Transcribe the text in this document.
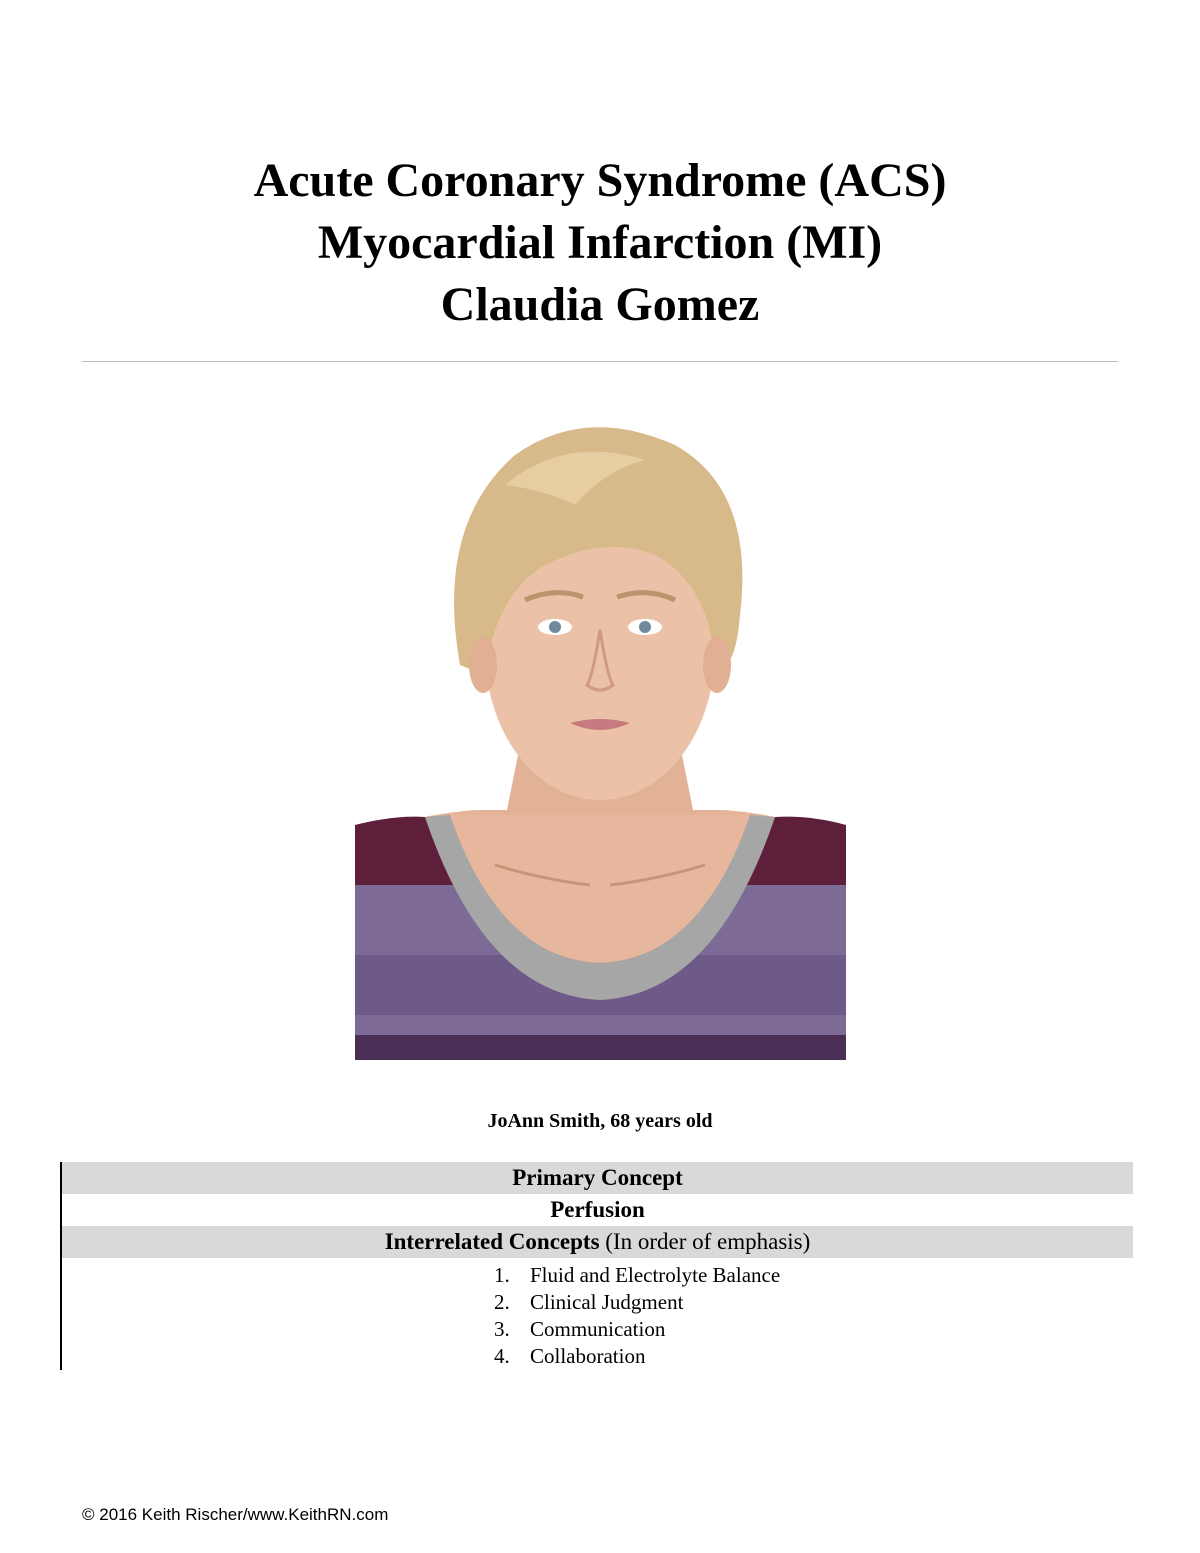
Acute Coronary Syndrome (ACS)

Myocardial Infarction (MI)

Claudia Gomez

JoAnn Smith, 68 years old
Primary Concept
Perfusion
Interrelated Concepts (In order of emphasis)
1. Fluid and Electrolyte Balance
2. Clinical Judgment
3. Communication
4. Collaboration
© 2016 Keith Rischer/www.KeithRN.com
